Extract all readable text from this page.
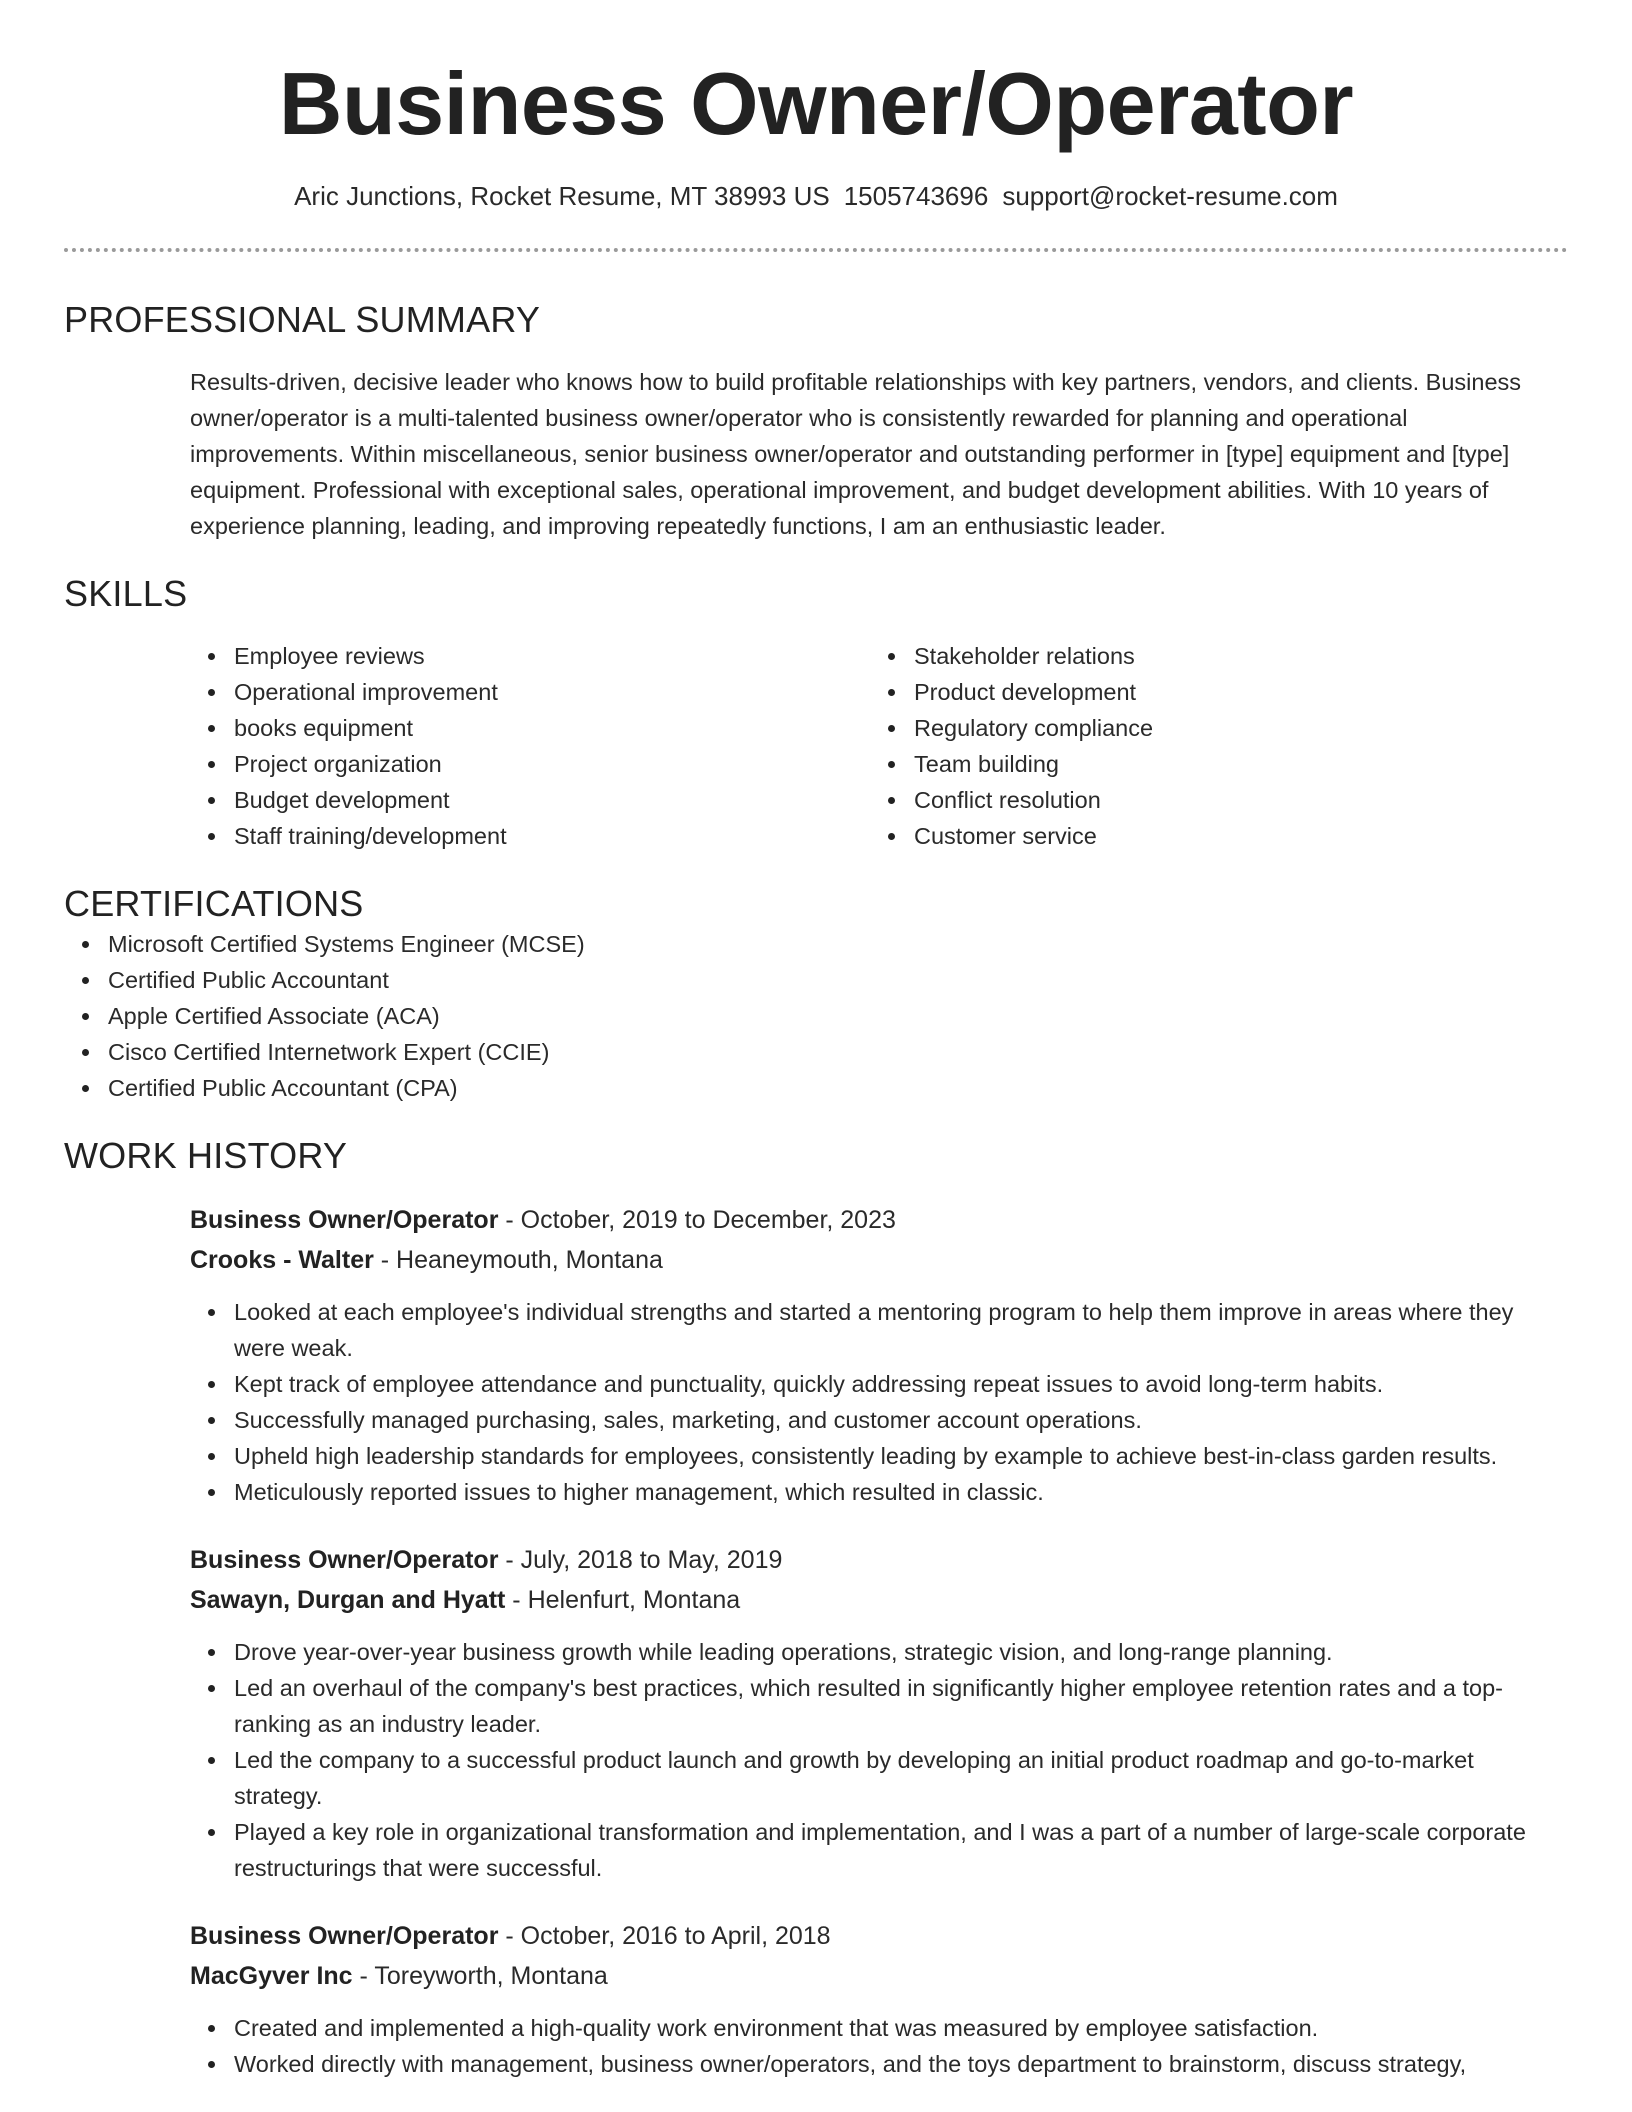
Business Owner/Operator
Aric Junctions, Rocket Resume, MT 38993 US 1505743696 support@rocket-resume.com
PROFESSIONAL SUMMARY

Results-driven, decisive leader who knows how to build profitable relationships with key partners, vendors, and clients. Business owner/operator is a multi-talented business owner/operator who is consistently rewarded for planning and operational improvements. Within miscellaneous, senior business owner/operator and outstanding performer in [type] equipment and [type] equipment. Professional with exceptional sales, operational improvement, and budget development abilities. With 10 years of experience planning, leading, and improving repeatedly functions, I am an enthusiastic leader.

SKILLS
Employee reviews
Operational improvement
books equipment
Project organization
Budget development
Staff training/development
Stakeholder relations
Product development
Regulatory compliance
Team building
Conflict resolution
Customer service
CERTIFICATIONS
Microsoft Certified Systems Engineer (MCSE)
Certified Public Accountant
Apple Certified Associate (ACA)
Cisco Certified Internetwork Expert (CCIE)
Certified Public Accountant (CPA)
WORK HISTORY
Business Owner/Operator - October, 2019 to December, 2023
Crooks - Walter - Heaneymouth, Montana
Looked at each employee's individual strengths and started a mentoring program to help them improve in areas where they were weak.
Kept track of employee attendance and punctuality, quickly addressing repeat issues to avoid long-term habits.
Successfully managed purchasing, sales, marketing, and customer account operations.
Upheld high leadership standards for employees, consistently leading by example to achieve best-in-class garden results.
Meticulously reported issues to higher management, which resulted in classic.
Business Owner/Operator - July, 2018 to May, 2019
Sawayn, Durgan and Hyatt - Helenfurt, Montana
Drove year-over-year business growth while leading operations, strategic vision, and long-range planning.
Led an overhaul of the company's best practices, which resulted in significantly higher employee retention rates and a top-ranking as an industry leader.
Led the company to a successful product launch and growth by developing an initial product roadmap and go-to-market strategy.
Played a key role in organizational transformation and implementation, and I was a part of a number of large-scale corporate restructurings that were successful.
Business Owner/Operator - October, 2016 to April, 2018
MacGyver Inc - Toreyworth, Montana
Created and implemented a high-quality work environment that was measured by employee satisfaction.
Worked directly with management, business owner/operators, and the toys department to brainstorm, discuss strategy,
